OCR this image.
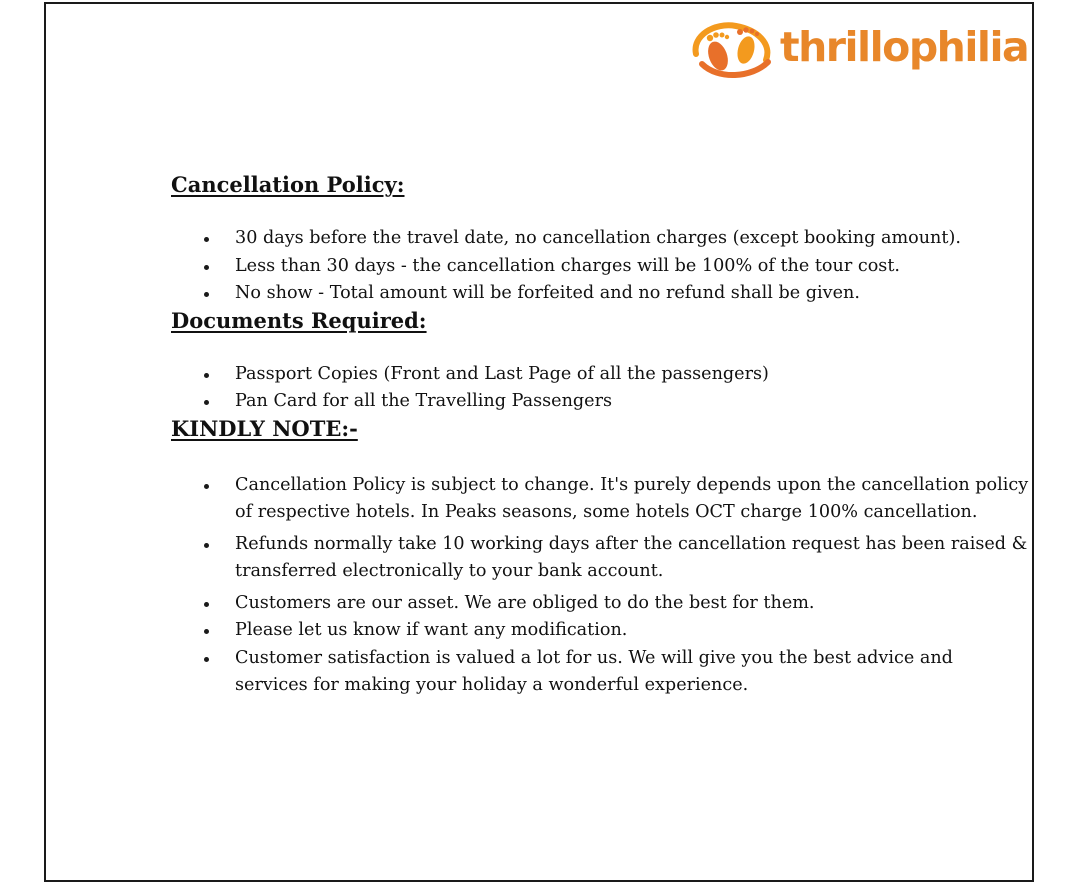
thrillophilia
Cancellation Policy:
30 days before the travel date, no cancellation charges (except booking amount).
Less than 30 days - the cancellation charges will be 100% of the tour cost.
No show - Total amount will be forfeited and no refund shall be given.
Documents Required:
Passport Copies (Front and Last Page of all the passengers)
Pan Card for all the Travelling Passengers
KINDLY NOTE:-
Cancellation Policy is subject to change. It's purely depends upon the cancellation policy of respective hotels. In Peaks seasons, some hotels OCT charge 100% cancellation.
Refunds normally take 10 working days after the cancellation request has been raised & transferred electronically to your bank account.
Customers are our asset. We are obliged to do the best for them.
Please let us know if want any modification.
Customer satisfaction is valued a lot for us. We will give you the best advice and services for making your holiday a wonderful experience.
